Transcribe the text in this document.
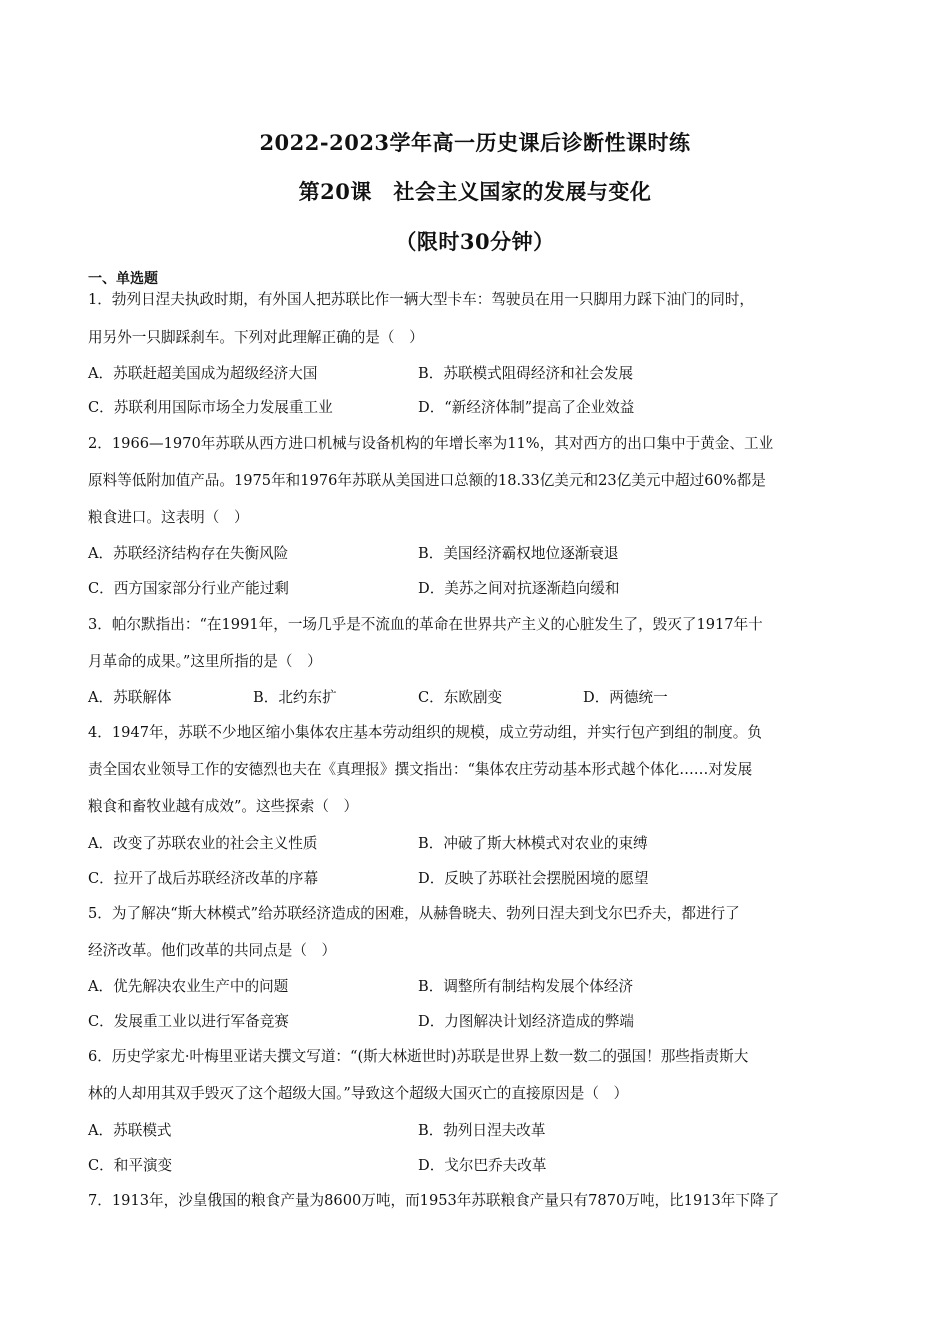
2022-2023学年高一历史课后诊断性课时练
第20课　社会主义国家的发展与变化
（限时30分钟）
一、单选题
1．勃列日涅夫执政时期，有外国人把苏联比作一辆大型卡车：驾驶员在用一只脚用力踩下油门的同时，
用另外一只脚踩刹车。下列对此理解正确的是（　）
A．苏联赶超美国成为超级经济大国	B．苏联模式阻碍经济和社会发展
C．苏联利用国际市场全力发展重工业	D．“新经济体制”提高了企业效益
2．1966—1970年苏联从西方进口机械与设备机构的年增长率为11%，其对西方的出口集中于黄金、工业
原料等低附加值产品。1975年和1976年苏联从美国进口总额的18.33亿美元和23亿美元中超过60%都是
粮食进口。这表明（　）
A．苏联经济结构存在失衡风险	B．美国经济霸权地位逐渐衰退
C．西方国家部分行业产能过剩	D．美苏之间对抗逐渐趋向缓和
3．帕尔默指出：“在1991年，一场几乎是不流血的革命在世界共产主义的心脏发生了，毁灭了1917年十
月革命的成果。”这里所指的是（　）
A．苏联解体	B．北约东扩	C．东欧剧变	D．两德统一
4．1947年，苏联不少地区缩小集体农庄基本劳动组织的规模，成立劳动组，并实行包产到组的制度。负
责全国农业领导工作的安德烈也夫在《真理报》撰文指出：“集体农庄劳动基本形式越个体化……对发展
粮食和畜牧业越有成效”。这些探索（　）
A．改变了苏联农业的社会主义性质	B．冲破了斯大林模式对农业的束缚
C．拉开了战后苏联经济改革的序幕	D．反映了苏联社会摆脱困境的愿望
5．为了解决“斯大林模式”给苏联经济造成的困难，从赫鲁晓夫、勃列日涅夫到戈尔巴乔夫，都进行了
经济改革。他们改革的共同点是（　）
A．优先解决农业生产中的问题	B．调整所有制结构发展个体经济
C．发展重工业以进行军备竞赛	D．力图解决计划经济造成的弊端
6．历史学家尤·叶梅里亚诺夫撰文写道：“(斯大林逝世时)苏联是世界上数一数二的强国！那些指责斯大
林的人却用其双手毁灭了这个超级大国。”导致这个超级大国灭亡的直接原因是（　）
A．苏联模式	B．勃列日涅夫改革
C．和平演变	D．戈尔巴乔夫改革
7．1913年，沙皇俄国的粮食产量为8600万吨，而1953年苏联粮食产量只有7870万吨，比1913年下降了
